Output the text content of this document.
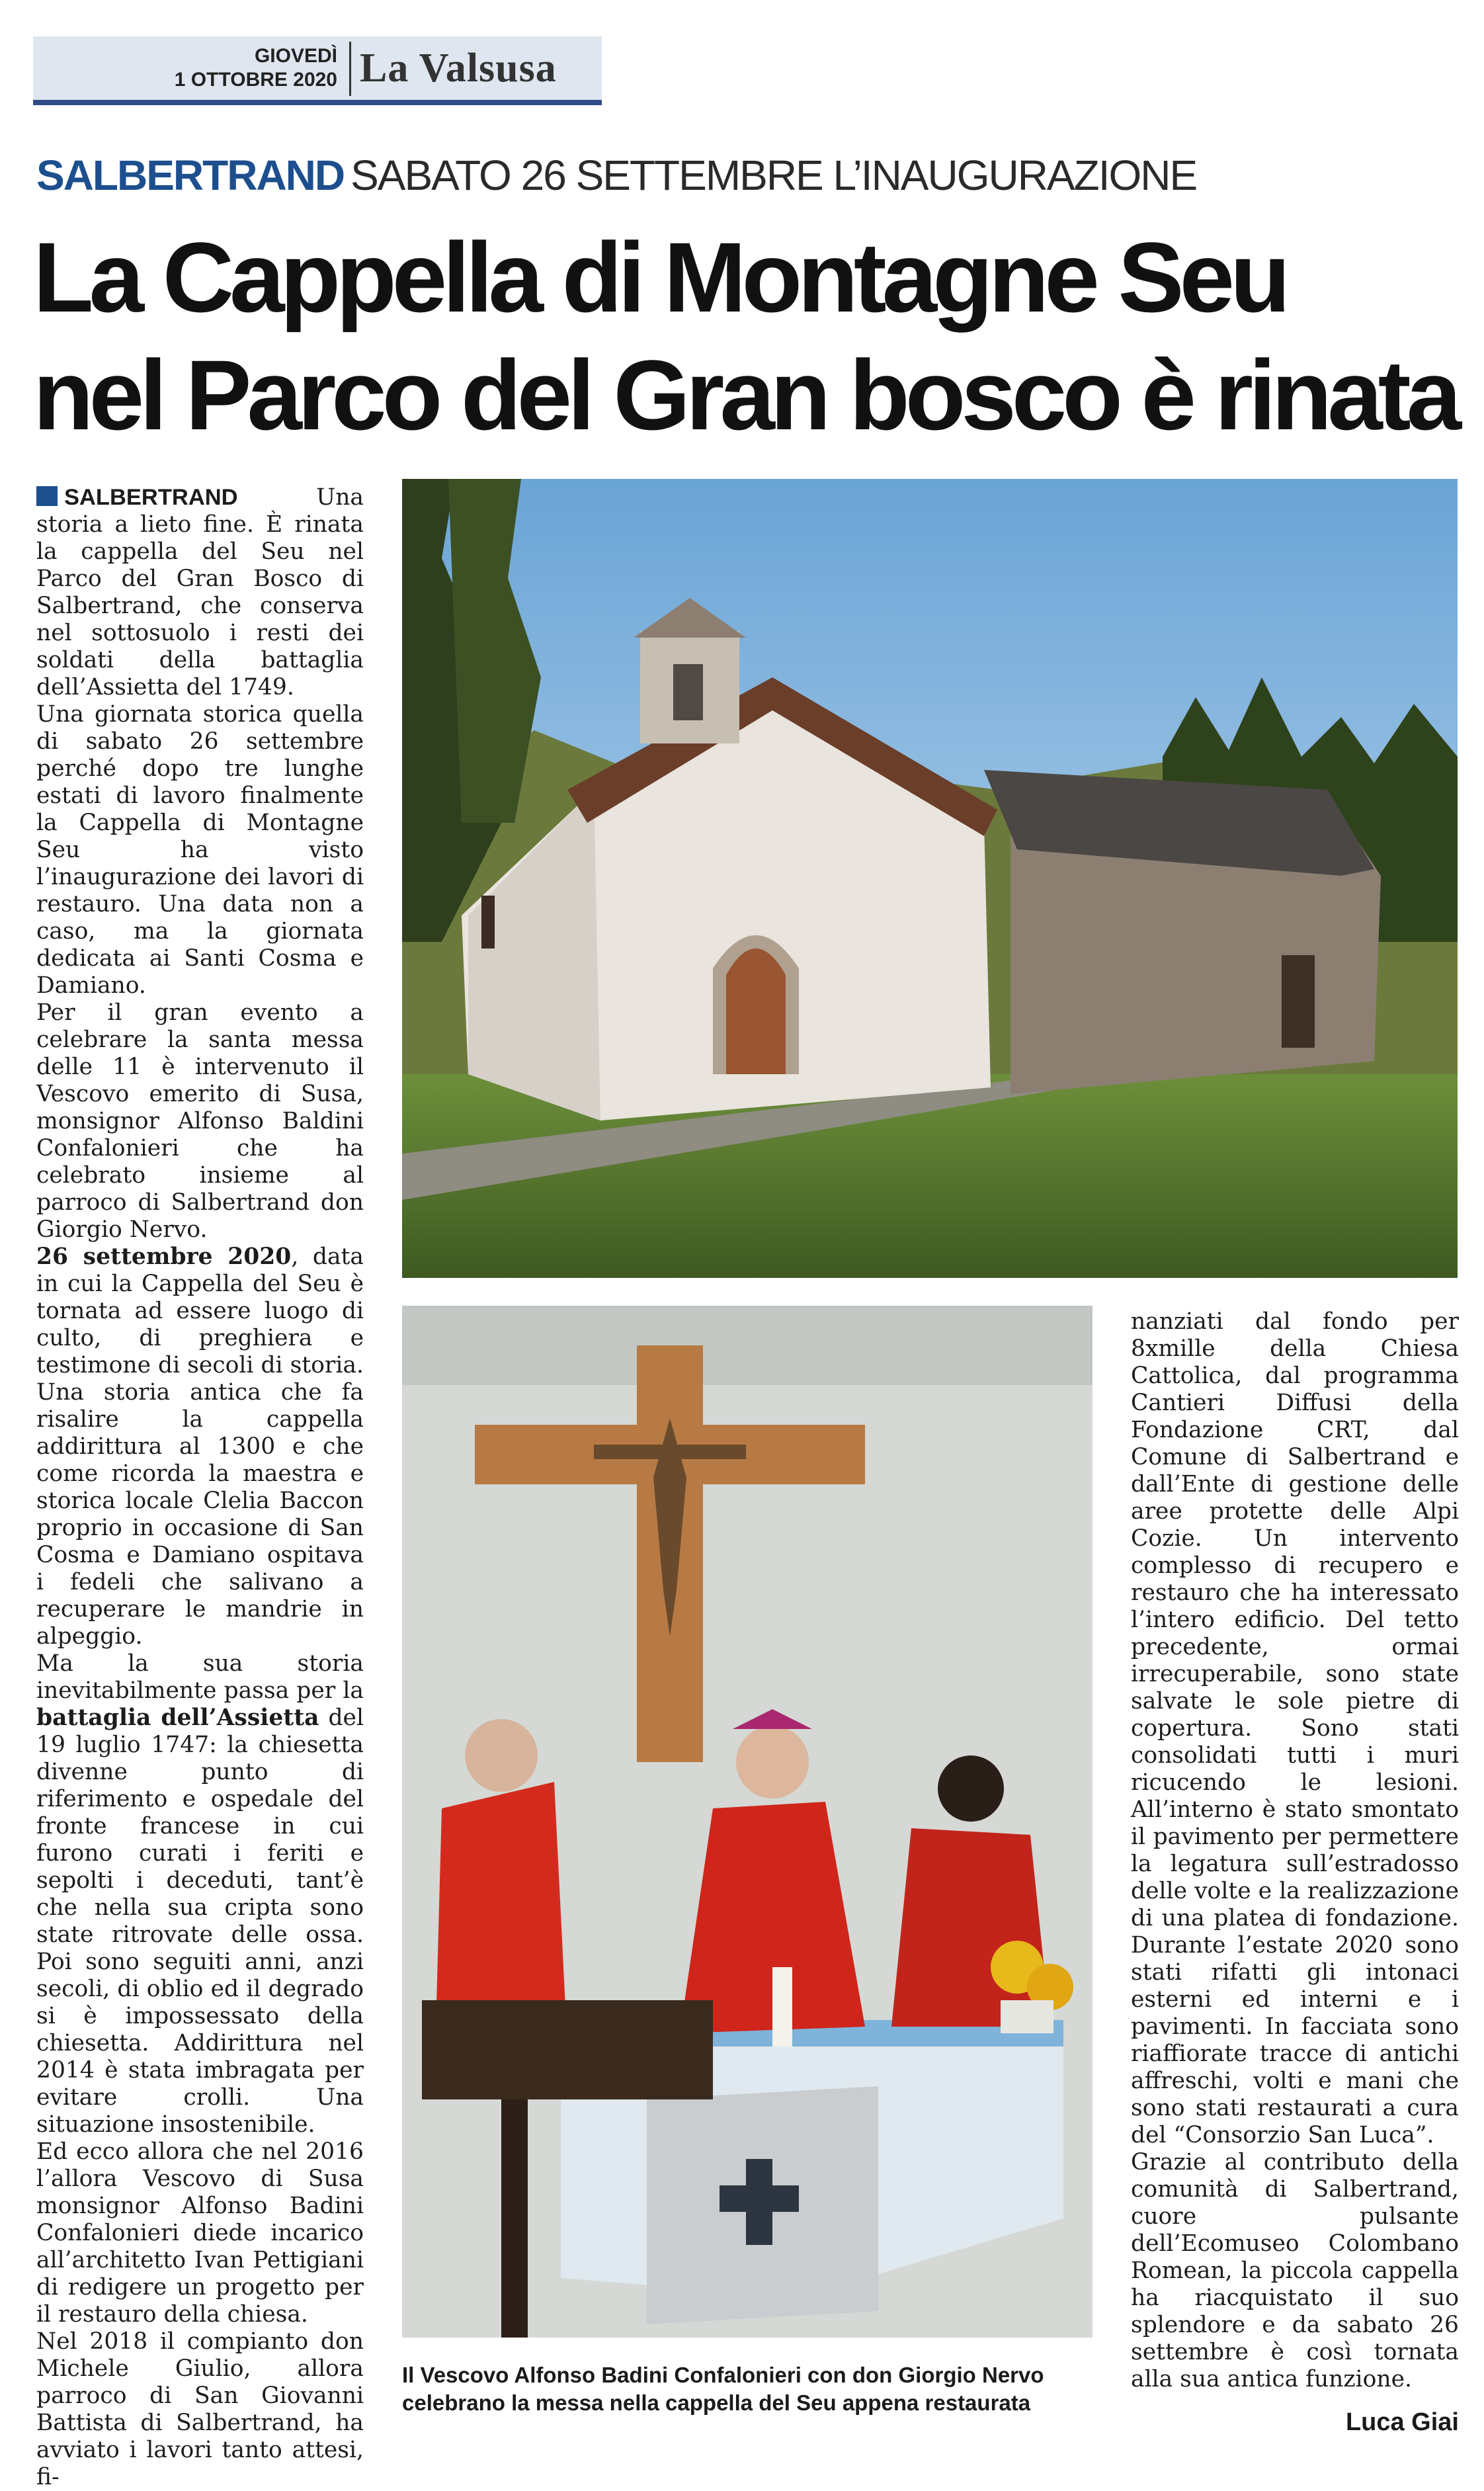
GIOVEDÌ
1 OTTOBRE 2020 La Valsusa
SALBERTRAND SABATO 26 SETTEMBRE L’INAUGURAZIONE
La Cappella di Montagne Seu
nel Parco del Gran bosco è rinata

SALBERTRAND	Una storia a lieto fine. È rinata la cappella del Seu nel Parco del Gran Bosco di Salbertrand, che conserva nel sottosuolo i resti dei soldati della battaglia dell’Assietta del 1749.

Una giornata storica quella di sabato 26 settembre perché dopo tre lunghe estati di lavoro finalmente la Cappella di Montagne Seu ha visto l’inaugurazione dei lavori di restauro. Una data non a caso, ma la giornata dedicata ai Santi Cosma e Damiano.

Per il gran evento a celebrare la santa messa delle 11 è intervenuto il Vescovo emerito di Susa, monsignor Alfonso Baldini Confalonieri che ha celebrato insieme al parroco di Salbertrand don Giorgio Nervo.

26 settembre 2020, data in cui la Cappella del Seu è tornata ad essere luogo di culto, di preghiera e testimone di secoli di storia. Una storia antica che fa risalire la cappella addirittura al 1300 e che come ricorda la maestra e storica locale Clelia Baccon proprio in occasione di San Cosma e Damiano ospitava i fedeli che salivano a recuperare le mandrie in alpeggio.

Ma la sua storia inevitabilmente passa per la battaglia dell’Assietta del 19 luglio 1747: la chiesetta divenne punto di riferimento e ospedale del fronte francese in cui furono curati i feriti e sepolti i deceduti, tant’è che nella sua cripta sono state ritrovate delle ossa. Poi sono seguiti anni, anzi secoli, di oblio ed il degrado si è impossessato della chiesetta. Addirittura nel 2014 è stata imbragata per evitare crolli. Una situazione insostenibile.

Ed ecco allora che nel 2016 l’allora Vescovo di Susa monsignor Alfonso Badini Confalonieri diede incarico all’architetto Ivan Pettigiani di redigere un progetto per il restauro della chiesa.

Nel 2018 il compianto don Michele Giulio, allora parroco di San Giovanni Battista di Salbertrand, ha avviato i lavori tanto attesi, fi-

Il Vescovo Alfonso Badini Confalonieri con don Giorgio Nervo
celebrano la messa nella cappella del Seu appena restaurata

nanziati dal fondo per 8xmille della Chiesa Cattolica, dal programma Cantieri Diffusi della Fondazione CRT, dal Comune di Salbertrand e dall’Ente di gestione delle aree protette delle Alpi Cozie. Un intervento complesso di recupero e restauro che ha interessato l’intero edificio. Del tetto precedente, ormai irrecuperabile, sono state salvate le sole pietre di copertura. Sono stati consolidati tutti i muri ricucendo le lesioni. All’interno è stato smontato il pavimento per permettere la legatura sull’estradosso delle volte e la realizzazione di una platea di fondazione. Durante l’estate 2020 sono stati rifatti gli intonaci esterni ed interni e i pavimenti. In facciata sono riaffiorate tracce di antichi affreschi, volti e mani che sono stati restaurati a cura del “Consorzio San Luca”.

Grazie al contributo della comunità di Salbertrand, cuore pulsante dell’Ecomuseo Colombano Romean, la piccola cappella ha riacquistato il suo splendore e da sabato 26 settembre è così tornata alla sua antica funzione.

Luca Giai
